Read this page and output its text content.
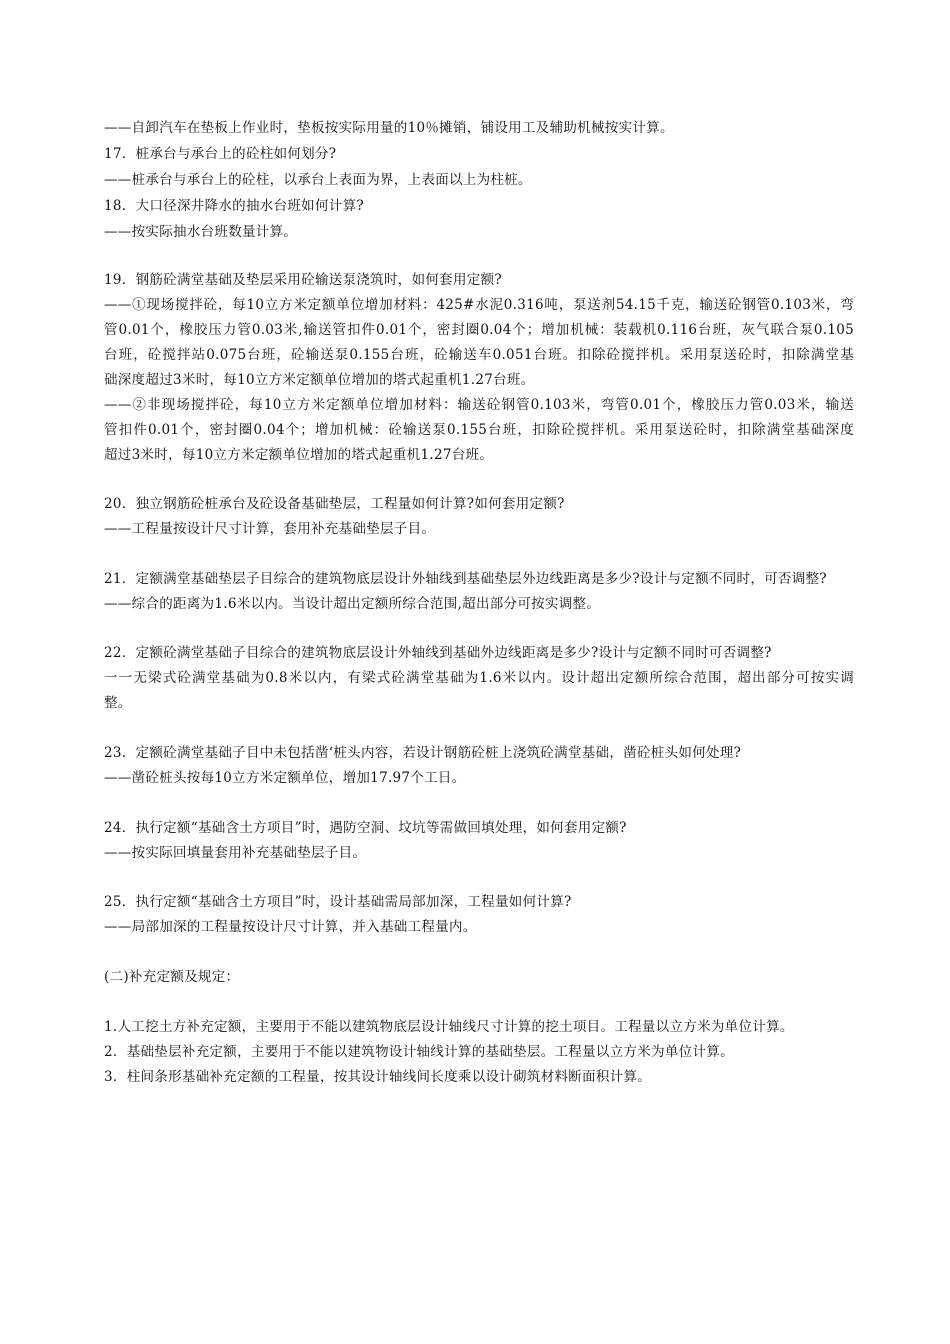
——自卸汽车在垫板上作业时，垫板按实际用量的10％摊销，铺设用工及辅助机械按实计算。
17．桩承台与承台上的砼柱如何划分?
——桩承台与承台上的砼柱，以承台上表面为界，上表面以上为柱桩。
18．大口径深井降水的抽水台班如何计算?
——按实际抽水台班数量计算。
19．钢筋砼满堂基础及垫层采用砼输送泵浇筑时，如何套用定额?
——①现场搅拌砼，每10立方米定额单位增加材料：425#水泥0.316吨，泵送剂54.15千克，输送砼钢管0.103米，弯
管0.01个，橡胶压力管0.03米,输送管扣件0.01个，密封圈0.04个；增加机械：装载机0.116台班，灰气联合泵0.105
台班，砼搅拌站0.075台班，砼输送泵0.155台班，砼输送车0.051台班。扣除砼搅拌机。采用泵送砼时，扣除满堂基
础深度超过3米时，每10立方米定额单位增加的塔式起重机1.27台班。
——②非现场搅拌砼，每10立方米定额单位增加材料：输送砼钢管0.103米，弯管0.01个，橡胶压力管0.03米，输送
管扣件0.01个，密封圈0.04个；增加机械：砼输送泵0.155台班，扣除砼搅拌机。采用泵送砼时，扣除满堂基础深度
超过3米时，每10立方米定额单位增加的塔式起重机1.27台班。
20．独立钢筋砼桩承台及砼设备基础垫层，工程量如何计算?如何套用定额?
——工程量按设计尺寸计算，套用补充基础垫层子目。
21．定额满堂基础垫层子目综合的建筑物底层设计外轴线到基础垫层外边线距离是多少?设计与定额不同时，可否调整?
——综合的距离为1.6米以内。当设计超出定额所综合范围,超出部分可按实调整。
22．定额砼满堂基础子目综合的建筑物底层设计外轴线到基础外边线距离是多少?设计与定额不同时可否调整?
一一无梁式砼满堂基础为0.8米以内，有梁式砼满堂基础为1.6米以内。设计超出定额所综合范围，超出部分可按实调
整。
23．定额砼满堂基础子目中未包括凿‘桩头内容，若设计钢筋砼桩上浇筑砼满堂基础，凿砼桩头如何处理?
——凿砼桩头按每10立方米定额单位，增加17.97个工日。
24．执行定额“基础含土方项目”时，遇防空洞、坟坑等需做回填处理，如何套用定额?
——按实际回填量套用补充基础垫层子目。
25．执行定额“基础含土方项目”时，设计基础需局部加深，工程量如何计算?
——局部加深的工程量按设计尺寸计算，并入基础工程量内。
(二)补充定额及规定：
1.人工挖土方补充定额，主要用于不能以建筑物底层设计轴线尺寸计算的挖土项目。工程量以立方米为单位计算。
2．基础垫层补充定额，主要用于不能以建筑物设计轴线计算的基础垫层。工程量以立方米为单位计算。
3．柱间条形基础补充定额的工程量，按其设计轴线间长度乘以设计砌筑材料断面积计算。
